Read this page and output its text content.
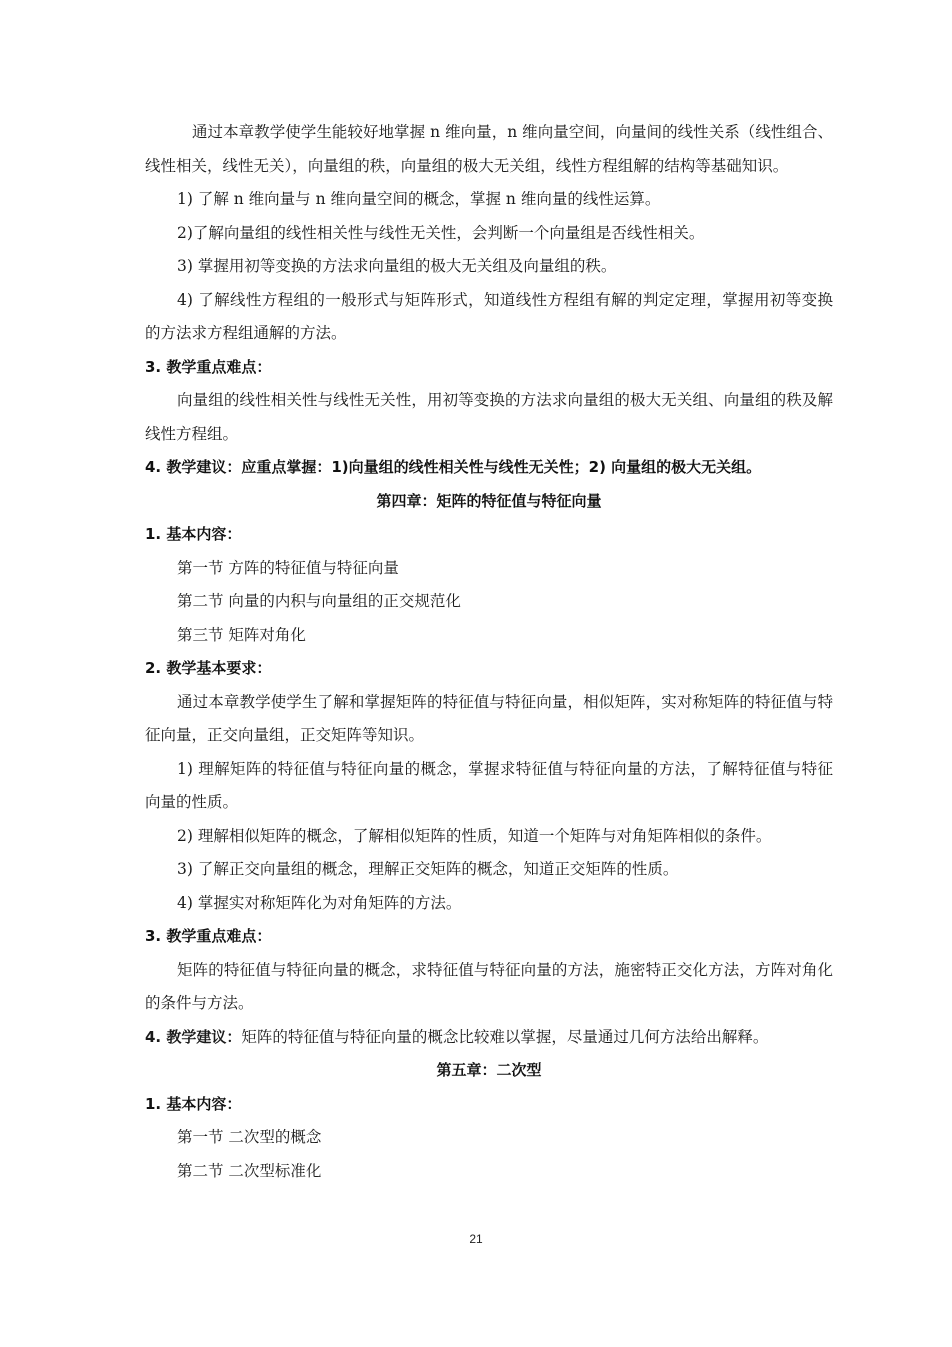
通过本章教学使学生能较好地掌握 n 维向量，n 维向量空间，向量间的线性关系（线性组合、线性相关，线性无关），向量组的秩，向量组的极大无关组，线性方程组解的结构等基础知识。

1) 了解 n 维向量与 n 维向量空间的概念，掌握 n 维向量的线性运算。

2)了解向量组的线性相关性与线性无关性，会判断一个向量组是否线性相关。

3) 掌握用初等变换的方法求向量组的极大无关组及向量组的秩。

4) 了解线性方程组的一般形式与矩阵形式，知道线性方程组有解的判定定理，掌握用初等变换的方法求方程组通解的方法。

3. 教学重点难点：

向量组的线性相关性与线性无关性，用初等变换的方法求向量组的极大无关组、向量组的秩及解线性方程组。

4. 教学建议：应重点掌握：1)向量组的线性相关性与线性无关性；2) 向量组的极大无关组。

第四章：矩阵的特征值与特征向量

1. 基本内容：

第一节 方阵的特征值与特征向量

第二节 向量的内积与向量组的正交规范化

第三节 矩阵对角化

2. 教学基本要求：

通过本章教学使学生了解和掌握矩阵的特征值与特征向量，相似矩阵，实对称矩阵的特征值与特征向量，正交向量组，正交矩阵等知识。

1) 理解矩阵的特征值与特征向量的概念，掌握求特征值与特征向量的方法，了解特征值与特征向量的性质。

2) 理解相似矩阵的概念，了解相似矩阵的性质，知道一个矩阵与对角矩阵相似的条件。

3) 了解正交向量组的概念，理解正交矩阵的概念，知道正交矩阵的性质。

4) 掌握实对称矩阵化为对角矩阵的方法。

3. 教学重点难点：

矩阵的特征值与特征向量的概念，求特征值与特征向量的方法，施密特正交化方法，方阵对角化的条件与方法。

4. 教学建议：矩阵的特征值与特征向量的概念比较难以掌握，尽量通过几何方法给出解释。

第五章：二次型

1. 基本内容：

第一节 二次型的概念

第二节 二次型标准化

21
